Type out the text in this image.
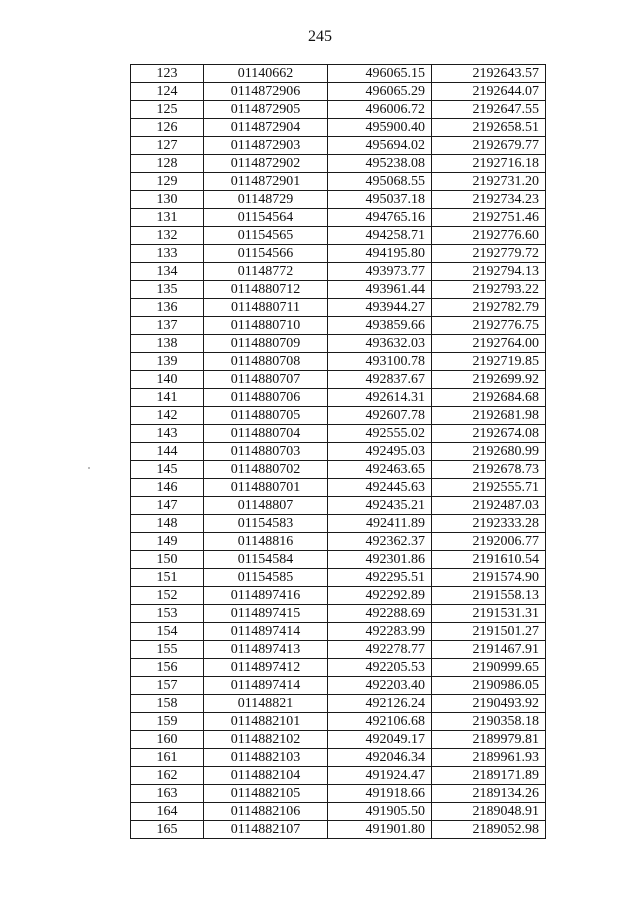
245
123	01140662	496065.15	2192643.57
124	0114872906	496065.29	2192644.07
125	0114872905	496006.72	2192647.55
126	0114872904	495900.40	2192658.51
127	0114872903	495694.02	2192679.77
128	0114872902	495238.08	2192716.18
129	0114872901	495068.55	2192731.20
130	01148729	495037.18	2192734.23
131	01154564	494765.16	2192751.46
132	01154565	494258.71	2192776.60
133	01154566	494195.80	2192779.72
134	01148772	493973.77	2192794.13
135	0114880712	493961.44	2192793.22
136	0114880711	493944.27	2192782.79
137	0114880710	493859.66	2192776.75
138	0114880709	493632.03	2192764.00
139	0114880708	493100.78	2192719.85
140	0114880707	492837.67	2192699.92
141	0114880706	492614.31	2192684.68
142	0114880705	492607.78	2192681.98
143	0114880704	492555.02	2192674.08
144	0114880703	492495.03	2192680.99
145	0114880702	492463.65	2192678.73
146	0114880701	492445.63	2192555.71
147	01148807	492435.21	2192487.03
148	01154583	492411.89	2192333.28
149	01148816	492362.37	2192006.77
150	01154584	492301.86	2191610.54
151	01154585	492295.51	2191574.90
152	0114897416	492292.89	2191558.13
153	0114897415	492288.69	2191531.31
154	0114897414	492283.99	2191501.27
155	0114897413	492278.77	2191467.91
156	0114897412	492205.53	2190999.65
157	0114897414	492203.40	2190986.05
158	01148821	492126.24	2190493.92
159	0114882101	492106.68	2190358.18
160	0114882102	492049.17	2189979.81
161	0114882103	492046.34	2189961.93
162	0114882104	491924.47	2189171.89
163	0114882105	491918.66	2189134.26
164	0114882106	491905.50	2189048.91
165	0114882107	491901.80	2189052.98
